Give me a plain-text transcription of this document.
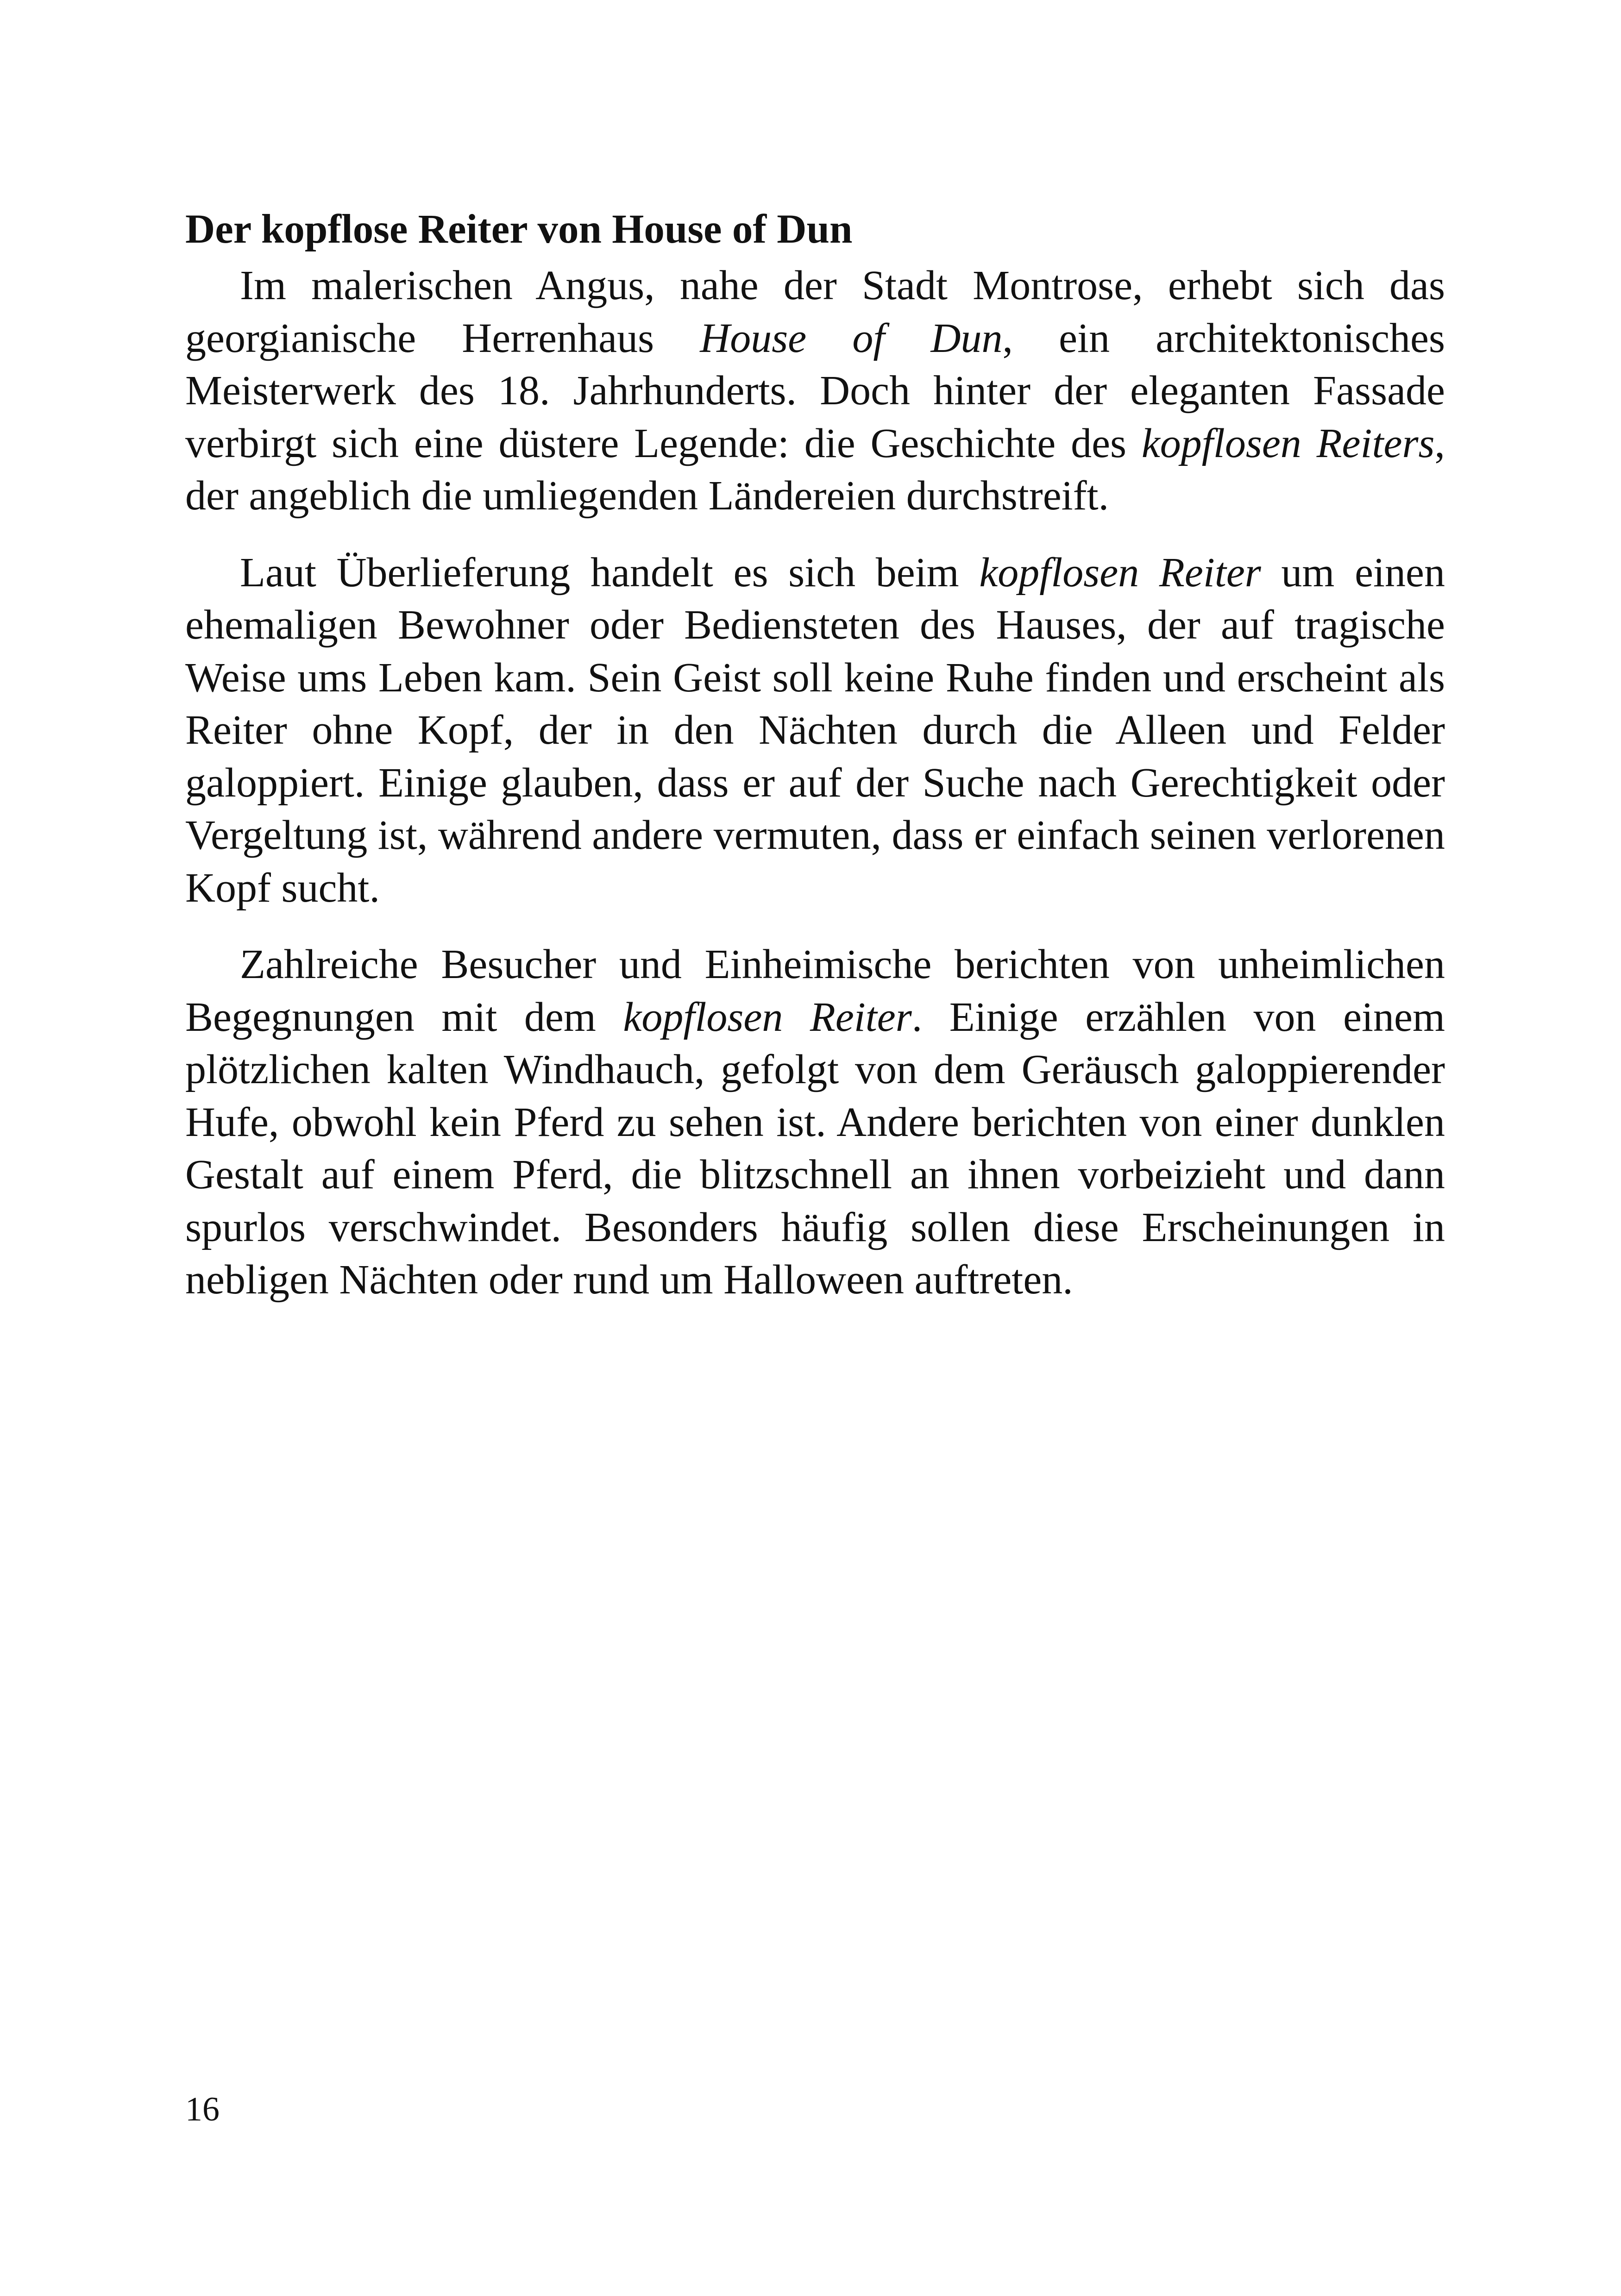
Der kopflose Reiter von House of Dun

Im malerischen Angus, nahe der Stadt Montrose, erhebt sich das georgianische Herrenhaus House of Dun, ein architektonisches Meisterwerk des 18. Jahrhunderts. Doch hinter der eleganten Fassade verbirgt sich eine düstere Legende: die Geschichte des kopflosen Reiters, der angeblich die umliegenden Ländereien durchstreift.

Laut Überlieferung handelt es sich beim kopflosen Reiter um einen ehemaligen Bewohner oder Bediensteten des Hauses, der auf tragische Weise ums Leben kam. Sein Geist soll keine Ruhe finden und erscheint als Reiter ohne Kopf, der in den Nächten durch die Alleen und Felder galoppiert. Einige glauben, dass er auf der Suche nach Gerechtigkeit oder Vergeltung ist, während andere vermuten, dass er einfach seinen verlorenen Kopf sucht.

Zahlreiche Besucher und Einheimische berichten von unheimlichen Begegnungen mit dem kopflosen Reiter. Einige erzählen von einem plötzlichen kalten Windhauch, gefolgt von dem Geräusch galoppierender Hufe, obwohl kein Pferd zu sehen ist. Andere berichten von einer dunklen Gestalt auf einem Pferd, die blitzschnell an ihnen vorbeizieht und dann spurlos verschwindet. Besonders häufig sollen diese Erscheinungen in nebligen Nächten oder rund um Halloween auftreten.

16
